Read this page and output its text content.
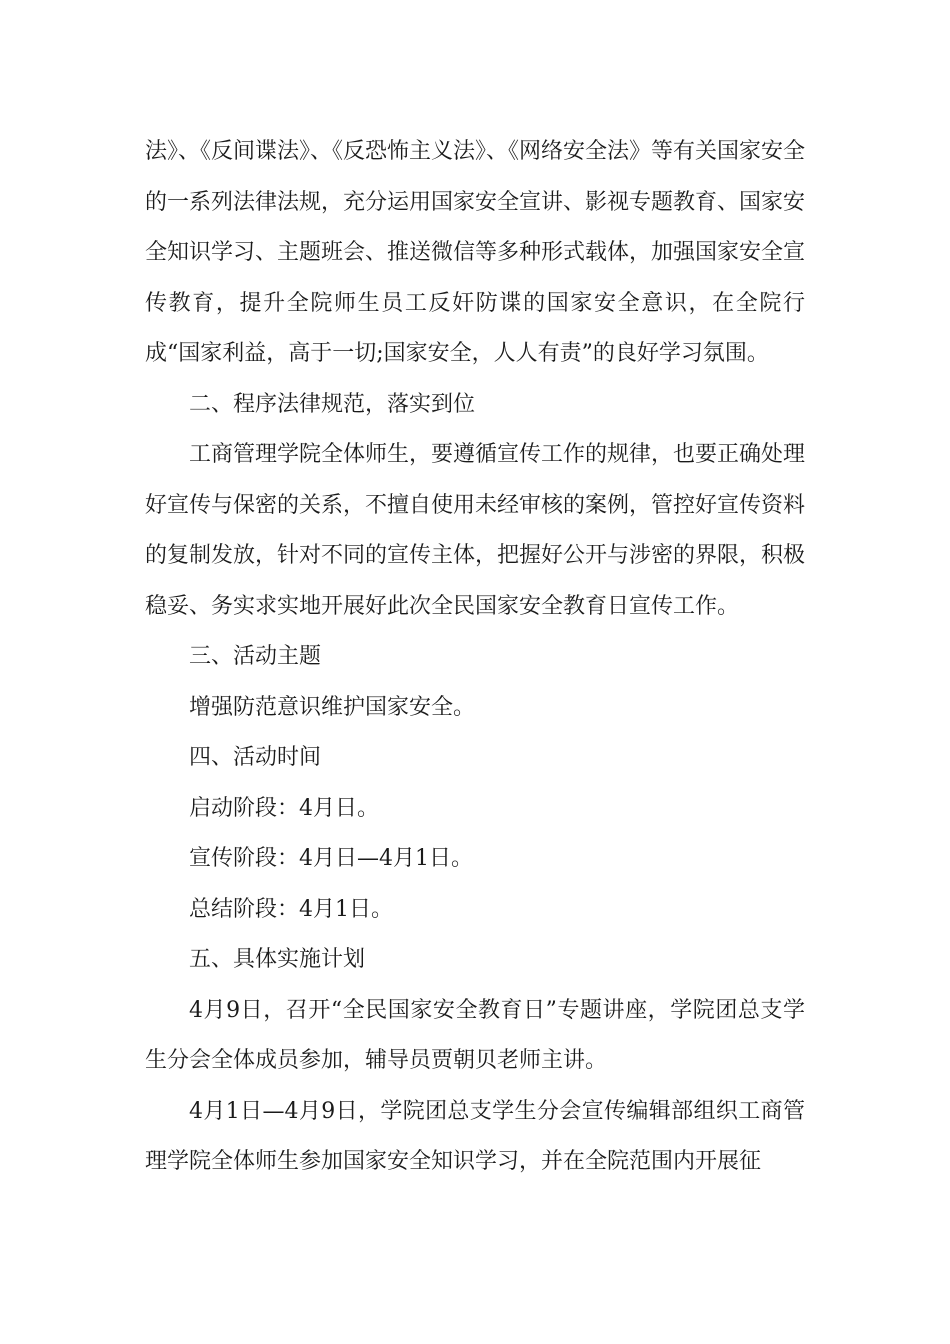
法》、《反间谍法》、《反恐怖主义法》、《网络安全法》等有关国家安全的一系列法律法规，充分运用国家安全宣讲、影视专题教育、国家安全知识学习、主题班会、推送微信等多种形式载体，加强国家安全宣传教育，提升全院师生员工反奸防谍的国家安全意识，在全院行成“国家利益，高于一切;国家安全，人人有责”的良好学习氛围。

二、程序法律规范，落实到位

工商管理学院全体师生，要遵循宣传工作的规律，也要正确处理好宣传与保密的关系，不擅自使用未经审核的案例，管控好宣传资料的复制发放，针对不同的宣传主体，把握好公开与涉密的界限，积极稳妥、务实求实地开展好此次全民国家安全教育日宣传工作。

三、活动主题

增强防范意识维护国家安全。

四、活动时间

启动阶段：4月日。

宣传阶段：4月日—4月1日。

总结阶段：4月1日。

五、具体实施计划

4月9日，召开“全民国家安全教育日”专题讲座，学院团总支学生分会全体成员参加，辅导员贾朝贝老师主讲。

4月1日—4月9日，学院团总支学生分会宣传编辑部组织工商管理学院全体师生参加国家安全知识学习，并在全院范围内开展征
